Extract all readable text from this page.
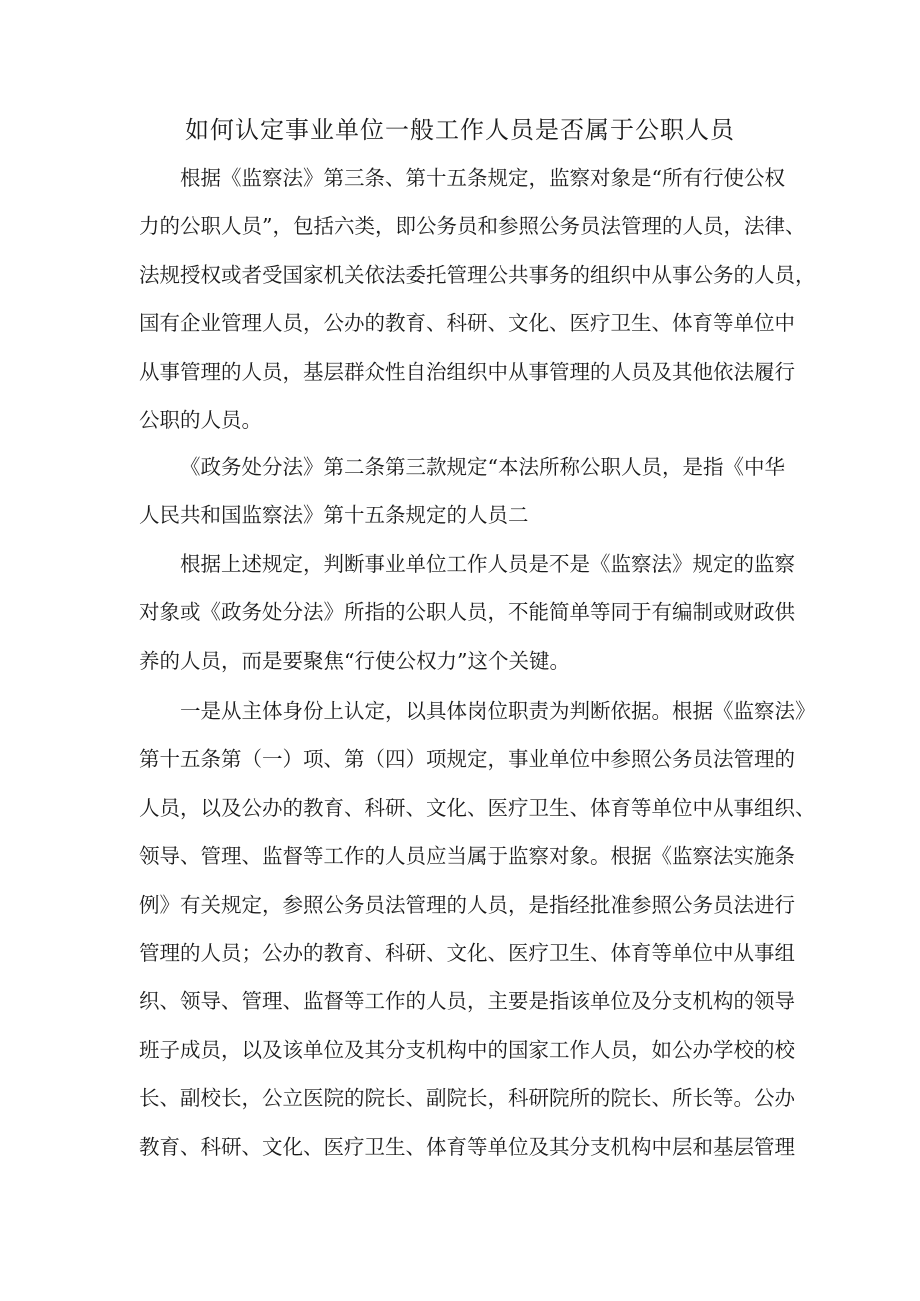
如何认定事业单位一般工作人员是否属于公职人员
根据《监察法》第三条、第十五条规定，监察对象是“所有行使公权
力的公职人员”，包括六类，即公务员和参照公务员法管理的人员，法律、
法规授权或者受国家机关依法委托管理公共事务的组织中从事公务的人员，
国有企业管理人员，公办的教育、科研、文化、医疗卫生、体育等单位中
从事管理的人员，基层群众性自治组织中从事管理的人员及其他依法履行
公职的人员。
《政务处分法》第二条第三款规定“本法所称公职人员，是指《中华
人民共和国监察法》第十五条规定的人员二
根据上述规定，判断事业单位工作人员是不是《监察法》规定的监察
对象或《政务处分法》所指的公职人员，不能简单等同于有编制或财政供
养的人员，而是要聚焦“行使公权力”这个关键。
一是从主体身份上认定，以具体岗位职责为判断依据。根据《监察法》
第十五条第（一）项、第（四）项规定，事业单位中参照公务员法管理的
人员，以及公办的教育、科研、文化、医疗卫生、体育等单位中从事组织、
领导、管理、监督等工作的人员应当属于监察对象。根据《监察法实施条
例》有关规定，参照公务员法管理的人员，是指经批准参照公务员法进行
管理的人员；公办的教育、科研、文化、医疗卫生、体育等单位中从事组
织、领导、管理、监督等工作的人员，主要是指该单位及分支机构的领导
班子成员，以及该单位及其分支机构中的国家工作人员，如公办学校的校
长、副校长，公立医院的院长、副院长，科研院所的院长、所长等。公办
教育、科研、文化、医疗卫生、体育等单位及其分支机构中层和基层管理
